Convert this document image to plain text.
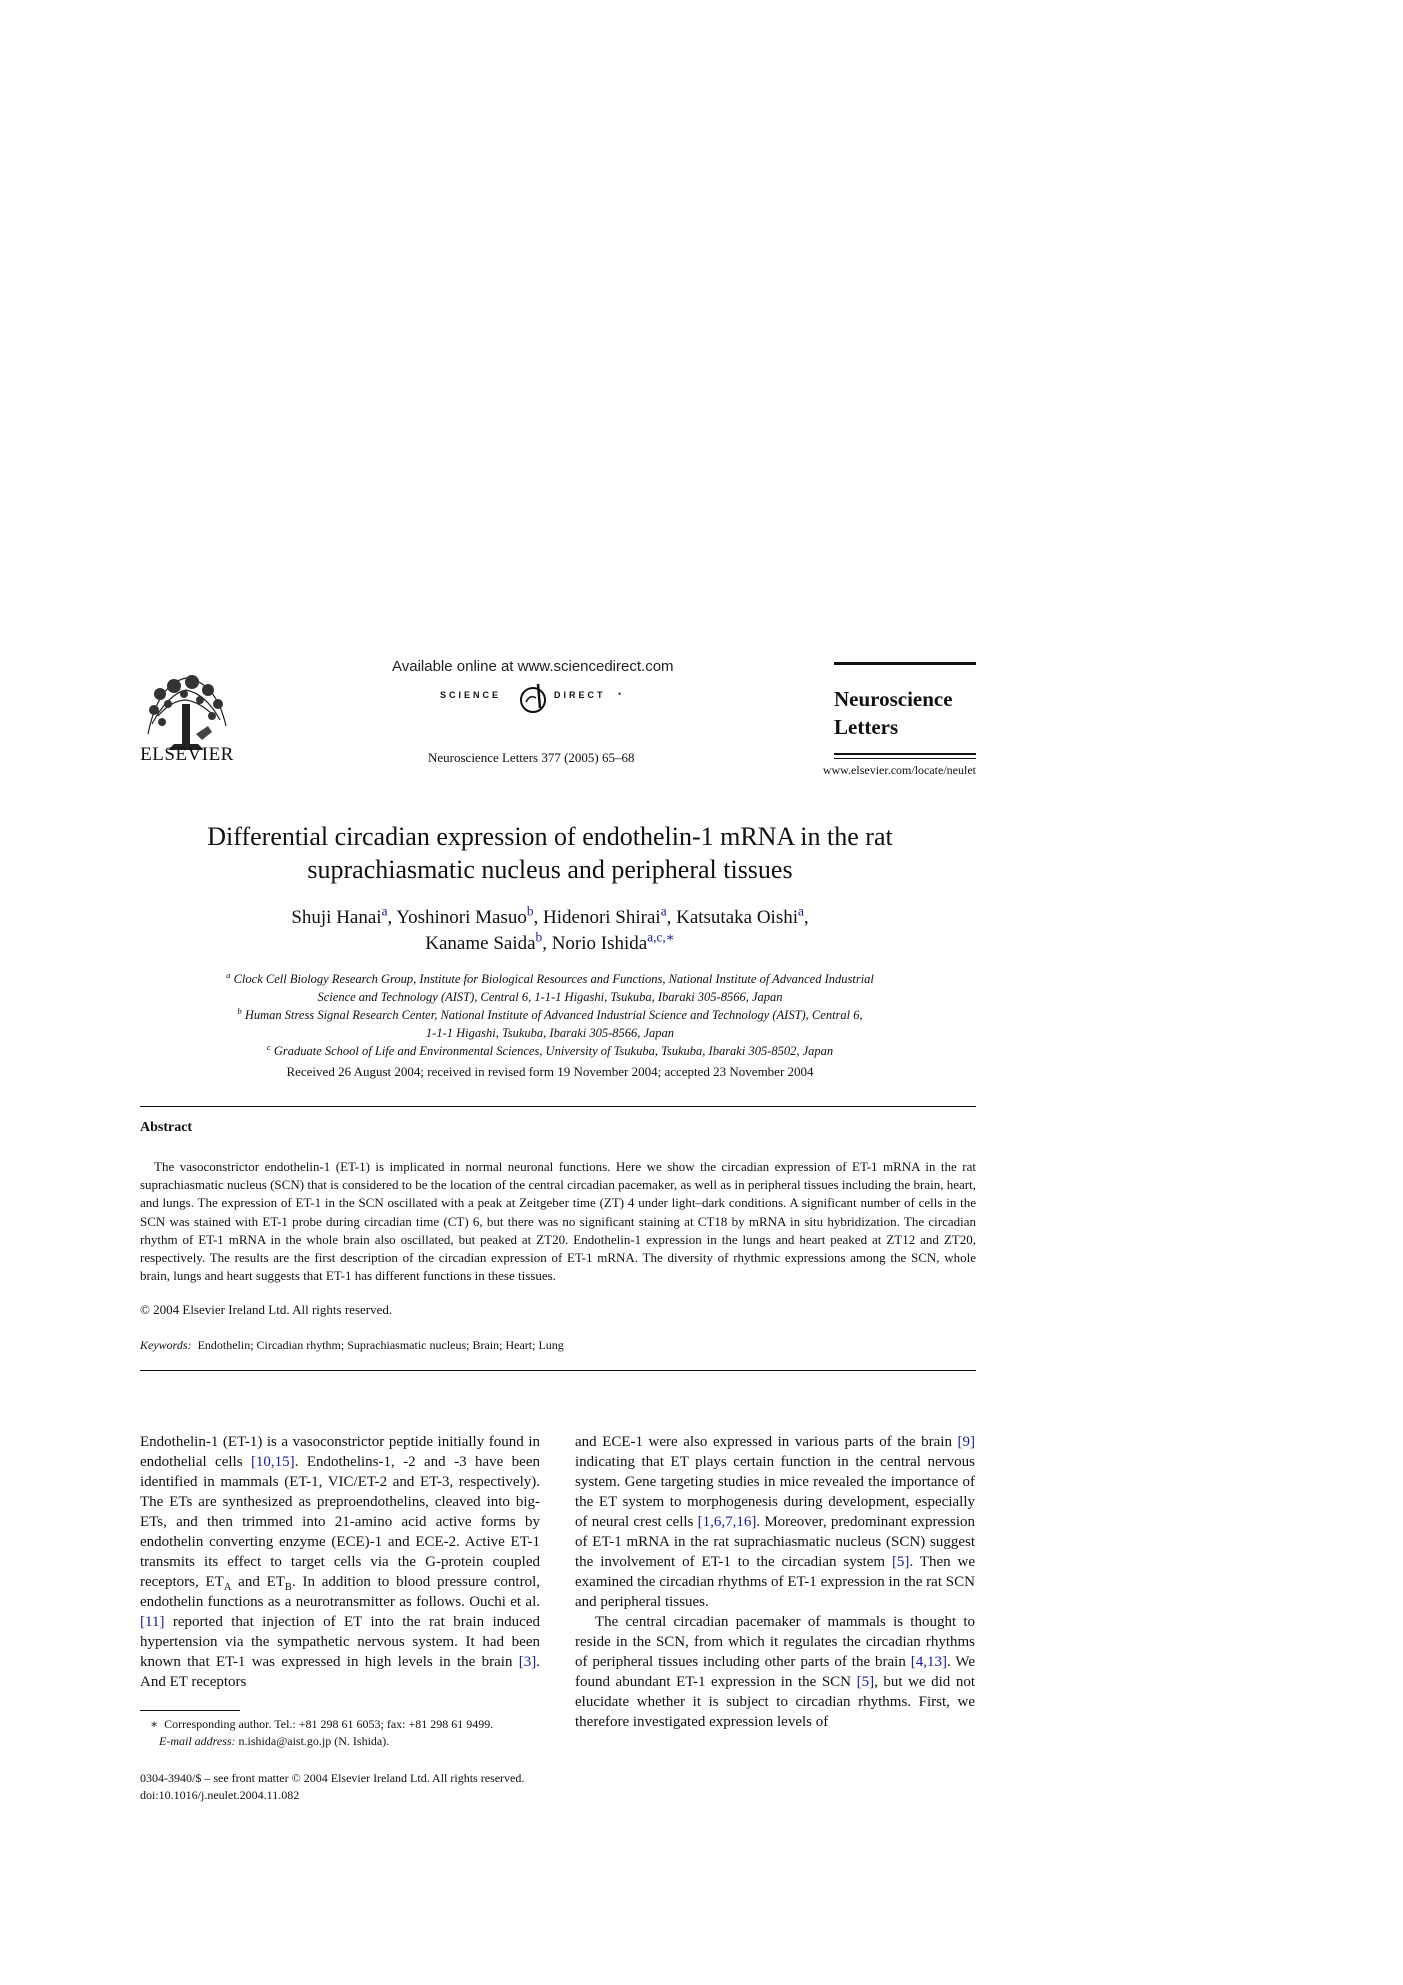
ELSEVIER
Available online at www.sciencedirect.com
SCIENCE	DIRECT •
Neuroscience Letters 377 (2005) 65–68
Neuroscience
Letters
www.elsevier.com/locate/neulet
Differential circadian expression of endothelin-1 mRNA in the rat
suprachiasmatic nucleus and peripheral tissues
Shuji Hanai$^a$, Yoshinori Masuo$^b$, Hidenori Shirai$^a$, Katsutaka Oishi$^a$,
Kaname Saida$^b$, Norio Ishida$^{a,c,∗}$
$^a$ Clock Cell Biology Research Group, Institute for Biological Resources and Functions, National Institute of Advanced Industrial
Science and Technology (AIST), Central 6, 1-1-1 Higashi, Tsukuba, Ibaraki 305-8566, Japan
$^b$ Human Stress Signal Research Center, National Institute of Advanced Industrial Science and Technology (AIST), Central 6,
1-1-1 Higashi, Tsukuba, Ibaraki 305-8566, Japan
$^c$ Graduate School of Life and Environmental Sciences, University of Tsukuba, Tsukuba, Ibaraki 305-8502, Japan
Received 26 August 2004; received in revised form 19 November 2004; accepted 23 November 2004
Abstract
The vasoconstrictor endothelin-1 (ET-1) is implicated in normal neuronal functions. Here we show the circadian expression of ET-1 mRNA in the rat suprachiasmatic nucleus (SCN) that is considered to be the location of the central circadian pacemaker, as well as in peripheral tissues including the brain, heart, and lungs. The expression of ET-1 in the SCN oscillated with a peak at Zeitgeber time (ZT) 4 under light–dark conditions. A significant number of cells in the SCN was stained with ET-1 probe during circadian time (CT) 6, but there was no significant staining at CT18 by mRNA in situ hybridization. The circadian rhythm of ET-1 mRNA in the whole brain also oscillated, but peaked at ZT20. Endothelin-1 expression in the lungs and heart peaked at ZT12 and ZT20, respectively. The results are the first description of the circadian expression of ET-1 mRNA. The diversity of rhythmic expressions among the SCN, whole brain, lungs and heart suggests that ET-1 has different functions in these tissues.
© 2004 Elsevier Ireland Ltd. All rights reserved.
Keywords: Endothelin; Circadian rhythm; Suprachiasmatic nucleus; Brain; Heart; Lung

Endothelin-1 (ET-1) is a vasoconstrictor peptide initially found in endothelial cells [10,15]. Endothelins-1, -2 and -3 have been identified in mammals (ET-1, VIC/ET-2 and ET-3, respectively). The ETs are synthesized as preproendothelins, cleaved into big-ETs, and then trimmed into 21-amino acid active forms by endothelin converting enzyme (ECE)-1 and ECE-2. Active ET-1 transmits its effect to target cells via the G-protein coupled receptors, $ET_A$ and $ET_B$. In addition to blood pressure control, endothelin functions as a neurotransmitter as follows. Ouchi et al. [11] reported that injection of ET into the rat brain induced hypertension via the sympathetic nervous system. It had been known that ET-1 was expressed in high levels in the brain [3]. And ET receptors

and ECE-1 were also expressed in various parts of the brain [9] indicating that ET plays certain function in the central nervous system. Gene targeting studies in mice revealed the importance of the ET system to morphogenesis during development, especially of neural crest cells [1,6,7,16]. Moreover, predominant expression of ET-1 mRNA in the rat suprachiasmatic nucleus (SCN) suggest the involvement of ET-1 to the circadian system [5]. Then we examined the circadian rhythms of ET-1 expression in the rat SCN and peripheral tissues.

The central circadian pacemaker of mammals is thought to reside in the SCN, from which it regulates the circadian rhythms of peripheral tissues including other parts of the brain [4,13]. We found abundant ET-1 expression in the SCN [5], but we did not elucidate whether it is subject to circadian rhythms. First, we therefore investigated expression levels of

∗ Corresponding author. Tel.: +81 298 61 6053; fax: +81 298 61 9499.
E-mail address: n.ishida@aist.go.jp (N. Ishida).
0304-3940/$ – see front matter © 2004 Elsevier Ireland Ltd. All rights reserved.
doi:10.1016/j.neulet.2004.11.082
